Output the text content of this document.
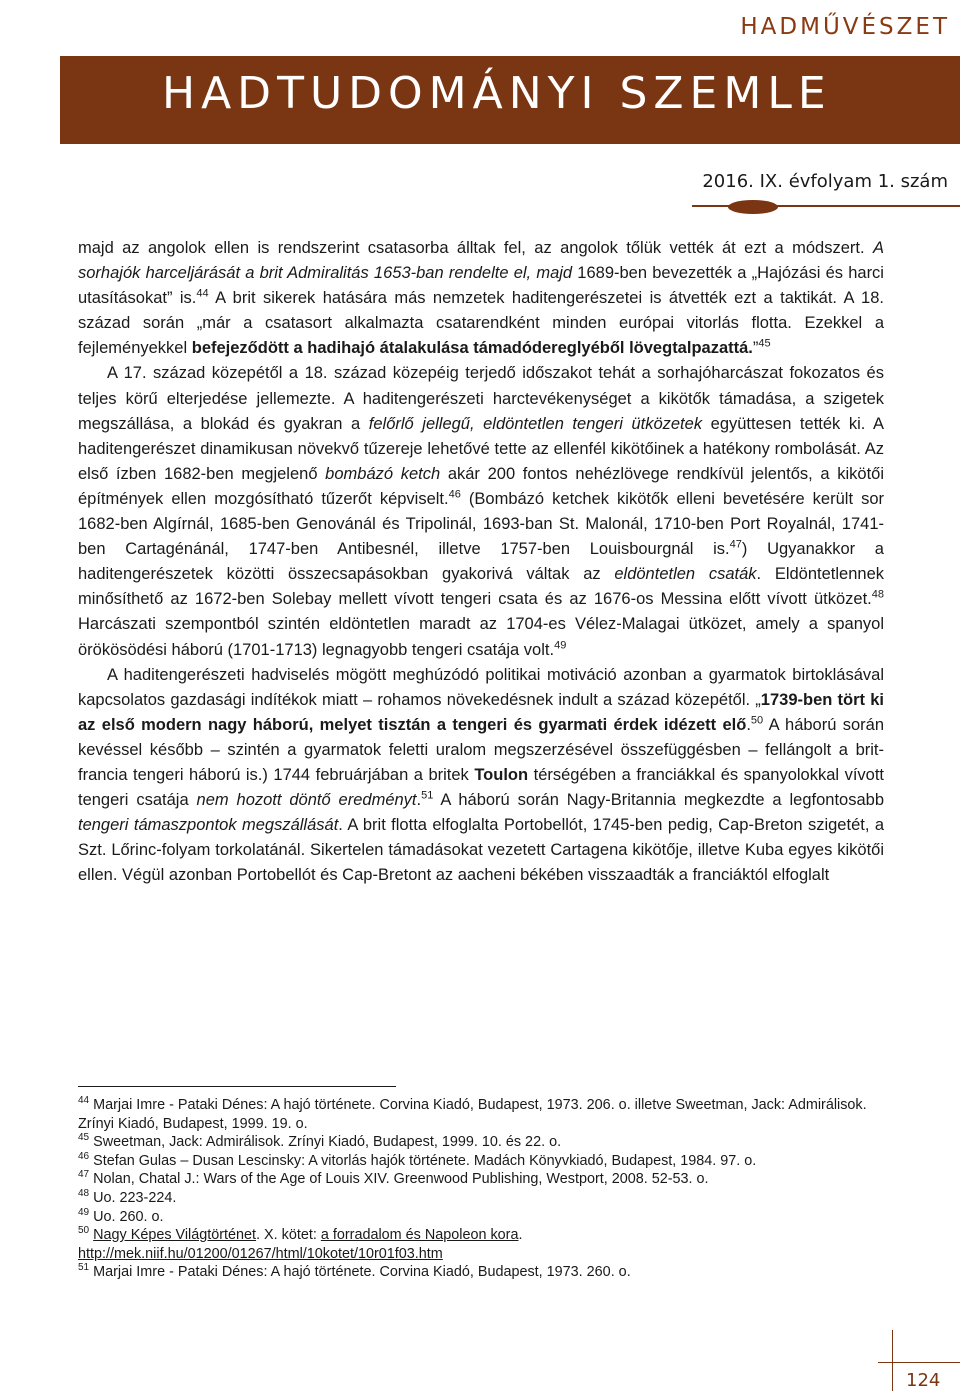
HADMŰVÉSZET

HADTUDOMÁNYI SZEMLE

2016. IX. évfolyam 1. szám

majd az angolok ellen is rendszerint csatasorba álltak fel, az angolok tőlük vették át ezt a módszert. A sorhajók harceljárását a brit Admiralitás 1653-ban rendelte el, majd 1689-ben bevezették a „Hajózási és harci utasításokat” is.$^{44}$ A brit sikerek hatására más nemzetek haditengerészetei is átvették ezt a taktikát. A 18. század során „már a csatasort alkalmazta csatarendként minden európai vitorlás flotta. Ezekkel a fejleményekkel befejeződött a hadihajó átalakulása támadódereglyéből lövegtalpazattá.”$^{45}$

A 17. század közepétől a 18. század közepéig terjedő időszakot tehát a sorhajóharcászat fokozatos és teljes körű elterjedése jellemezte. A haditengerészeti harctevékenységet a kikötők támadása, a szigetek megszállása, a blokád és gyakran a felőrlő jellegű, eldöntetlen tengeri ütközetek együttesen tették ki. A haditengerészet dinamikusan növekvő tűzereje lehetővé tette az ellenfél kikötőinek a hatékony rombolását. Az első ízben 1682-ben megjelenő bombázó ketch akár 200 fontos nehézlövege rendkívül jelentős, a kikötői építmények ellen mozgósítható tűzerőt képviselt.$^{46}$ (Bombázó ketchek kikötők elleni bevetésére került sor 1682-ben Algírnál, 1685-ben Genovánál és Tripolinál, 1693-ban St. Malonál, 1710-ben Port Royalnál, 1741-ben Cartagénánál, 1747-ben Antibesnél, illetve 1757-ben Louisbourgnál is.$^{47}$) Ugyanakkor a haditengerészetek közötti összecsapásokban gyakorivá váltak az eldöntetlen csaták. Eldöntetlennek minősíthető az 1672-ben Solebay mellett vívott tengeri csata és az 1676-os Messina előtt vívott ütközet.$^{48}$ Harcászati szempontból szintén eldöntetlen maradt az 1704-es Vélez-Malagai ütközet, amely a spanyol örökösödési háború (1701-1713) legnagyobb tengeri csatája volt.$^{49}$

A haditengerészeti hadviselés mögött meghúzódó politikai motiváció azonban a gyarmatok birtoklásával kapcsolatos gazdasági indítékok miatt – rohamos növekedésnek indult a század közepétől. „1739-ben tört ki az első modern nagy háború, melyet tisztán a tengeri és gyarmati érdek idézett elő.$^{50}$ A háború során kevéssel később – szintén a gyarmatok feletti uralom megszerzésével összefüggésben – fellángolt a brit-francia tengeri háború is.) 1744 februárjában a britek Toulon térségében a franciákkal és spanyolokkal vívott tengeri csatája nem hozott döntő eredményt.$^{51}$ A háború során Nagy-Britannia megkezdte a legfontosabb tengeri támaszpontok megszállását. A brit flotta elfoglalta Portobellót, 1745-ben pedig, Cap-Breton szigetét, a Szt. Lőrinc-folyam torkolatánál. Sikertelen támadásokat vezetett Cartagena kikötője, illetve Kuba egyes kikötői ellen. Végül azonban Portobellót és Cap-Bretont az aacheni békében visszaadták a franciáktól elfoglalt

$^{44}$ Marjai Imre - Pataki Dénes: A hajó története. Corvina Kiadó, Budapest, 1973. 206. o. illetve Sweetman, Jack: Admirálisok. Zrínyi Kiadó, Budapest, 1999. 19. o.

$^{45}$ Sweetman, Jack: Admirálisok. Zrínyi Kiadó, Budapest, 1999. 10. és 22. o.

$^{46}$ Stefan Gulas – Dusan Lescinsky: A vitorlás hajók története. Madách Könyvkiadó, Budapest, 1984. 97. o.

$^{47}$ Nolan, Chatal J.: Wars of the Age of Louis XIV. Greenwood Publishing, Westport, 2008. 52-53. o.

$^{48}$ Uo. 223-224.

$^{49}$ Uo. 260. o.

$^{50}$ Nagy Képes Világtörténet. X. kötet: a forradalom és Napoleon kora.
http://mek.niif.hu/01200/01267/html/10kotet/10r01f03.htm

$^{51}$ Marjai Imre - Pataki Dénes: A hajó története. Corvina Kiadó, Budapest, 1973. 260. o.

124
